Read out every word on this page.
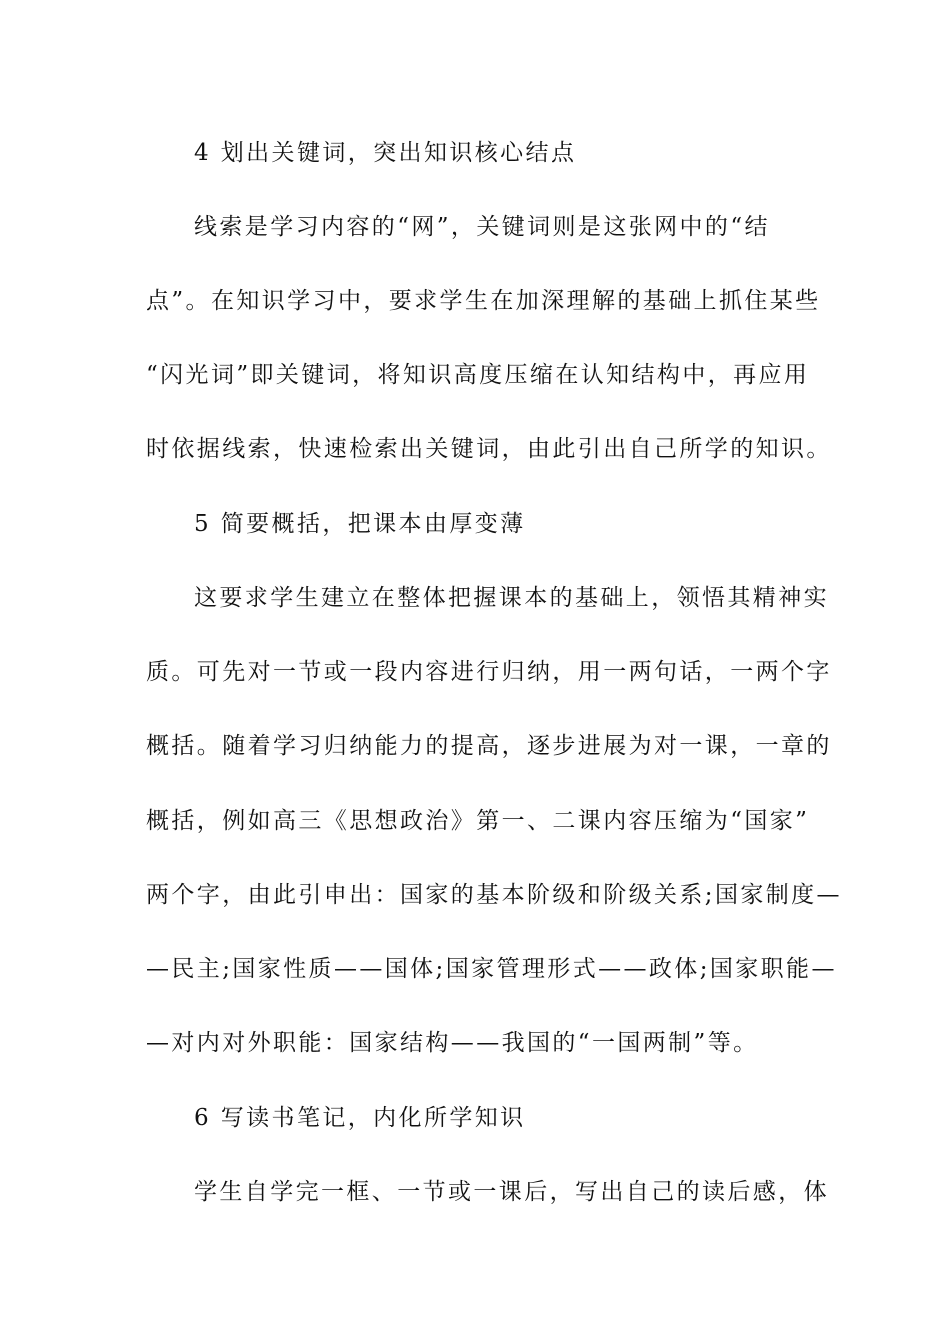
4 划出关键词，突出知识核心结点
线索是学习内容的“网”，关键词则是这张网中的“结
点”。在知识学习中，要求学生在加深理解的基础上抓住某些
“闪光词”即关键词，将知识高度压缩在认知结构中，再应用
时依据线索，快速检索出关键词，由此引出自己所学的知识。
5 简要概括，把课本由厚变薄
这要求学生建立在整体把握课本的基础上，领悟其精神实
质。可先对一节或一段内容进行归纳，用一两句话，一两个字
概括。随着学习归纳能力的提高，逐步进展为对一课，一章的
概括，例如高三《思想政治》第一、二课内容压缩为“国家”
两个字，由此引申出：国家的基本阶级和阶级关系;国家制度—
—民主;国家性质——国体;国家管理形式——政体;国家职能—
—对内对外职能：国家结构——我国的“一国两制”等。
6 写读书笔记，内化所学知识
学生自学完一框、一节或一课后，写出自己的读后感，体
